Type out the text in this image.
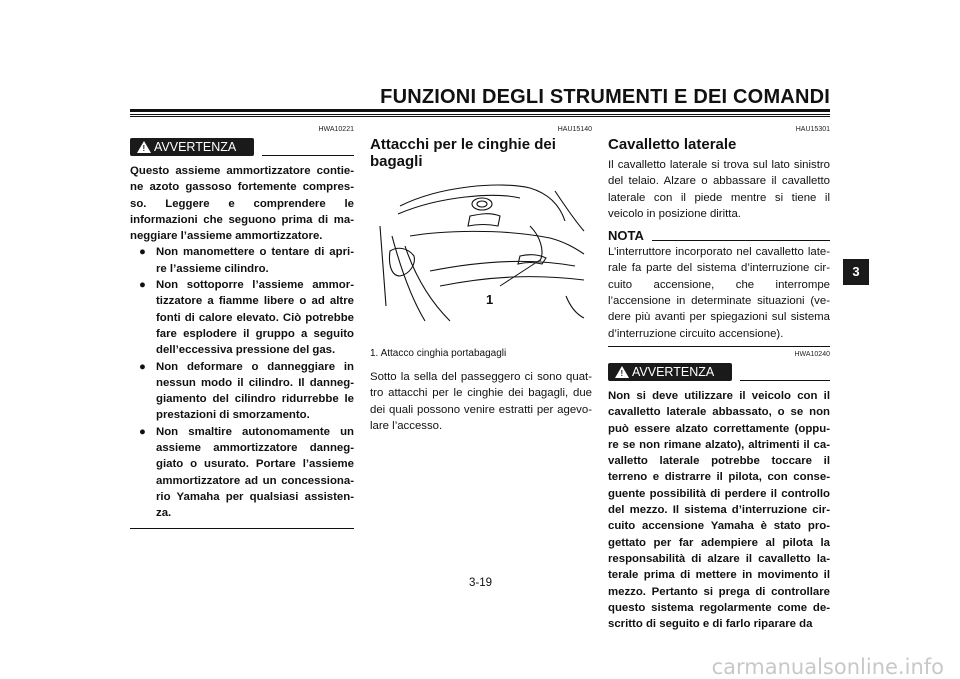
FUNZIONI DEGLI STRUMENTI E DEI COMANDI
HWA10221
! AVVERTENZA
Questo assieme ammortizzatore contie-ne azoto gassoso fortemente compres-so. Leggere e comprendere le informazioni che seguono prima di ma-neggiare l’assieme ammortizzatore.
● Non manomettere o tentare di apri-re l’assieme cilindro.
● Non sottoporre l’assieme ammor-tizzatore a fiamme libere o ad altre fonti di calore elevato. Ciò potrebbe fare esplodere il gruppo a seguito dell’eccessiva pressione del gas.
● Non deformare o danneggiare in nessun modo il cilindro. Il danneg-giamento del cilindro ridurrebbe le prestazioni di smorzamento.
● Non smaltire autonomamente un assieme ammortizzatore danneg-giato o usurato. Portare l’assieme ammortizzatore ad un concessiona-rio Yamaha per qualsiasi assisten-za.
HAU15140
Attacchi per le cinghie dei bagagli
1
1. Attacco cinghia portabagagli
Sotto la sella del passeggero ci sono quat-tro attacchi per le cinghie dei bagagli, due dei quali possono venire estratti per agevo-lare l’accesso.
HAU15301
Cavalletto laterale
Il cavalletto laterale si trova sul lato sinistro del telaio. Alzare o abbassare il cavalletto laterale con il piede mentre si tiene il veicolo in posizione diritta.
NOTA
L’interruttore incorporato nel cavalletto late-rale fa parte del sistema d’interruzione cir-cuito accensione, che interrompe l’accensione in determinate situazioni (ve-dere più avanti per spiegazioni sul sistema d’interruzione circuito accensione).
HWA10240
! AVVERTENZA
Non si deve utilizzare il veicolo con il cavalletto laterale abbassato, o se non può essere alzato correttamente (oppu-re se non rimane alzato), altrimenti il ca-valletto laterale potrebbe toccare il terreno e distrarre il pilota, con conse-guente possibilità di perdere il controllo del mezzo. Il sistema d’interruzione cir-cuito accensione Yamaha è stato pro-gettato per far adempiere al pilota la responsabilità di alzare il cavalletto la-terale prima di mettere in movimento il mezzo. Pertanto si prega di controllare questo sistema regolarmente come de-scritto di seguito e di farlo riparare da
3-19
3
carmanualsonline.info
